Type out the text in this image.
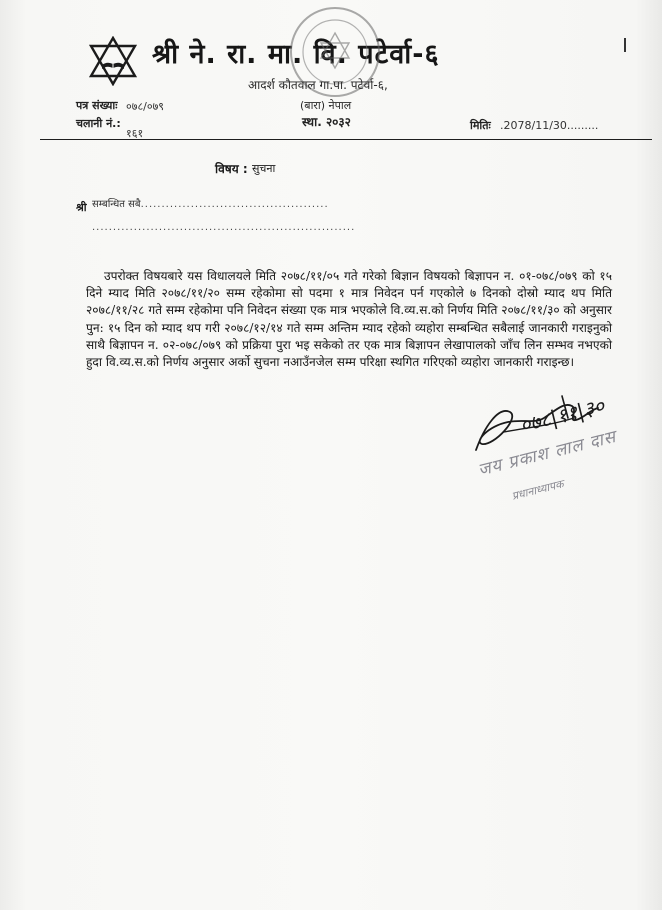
श्री ने. रा. मा. वि. पटेर्वा-६
आदर्श कौतवाल गा.पा. पटेर्वा-६,
(बारा) नेपाल
स्था. २०३२
पत्र संख्याः ०७८/०७९
चलानी नं.:
१६१
मितिः .2078/11/30.........
विषय : सुचना
श्री सम्बन्धित सबै.............................................
...............................................................
उपरोक्त विषयबारे यस विधालयले मिति २०७८/११/०५ गते गरेको बिज्ञान विषयको बिज्ञापन न. ०१-०७८/०७९ को १५ दिने म्याद मिति २०७८/११/२० सम्म रहेकोमा सो पदमा १ मात्र निवेदन पर्न गएकोले ७ दिनको दोस्रो म्याद थप मिति २०७८/११/२८ गते सम्म रहेकोमा पनि निवेदन संख्या एक मात्र भएकोले वि.व्य.स.को निर्णय मिति २०७८/११/३० को अनुसार पुन: १५ दिन को म्याद थप गरी २०७८/१२/१४ गते सम्म अन्तिम म्याद रहेको व्यहोरा सम्बन्धित सबैलाई जानकारी गराइनुको साथै बिज्ञापन न. ०२-०७८/०७९ को प्रक्रिया पुरा भइ सकेको तर एक मात्र बिज्ञापन लेखापालको जाँच लिन सम्भव नभएको हुदा वि.व्य.स.को निर्णय अनुसार अर्को सुचना नआउँनजेल सम्म परिक्षा स्थगित गरिएको व्यहोरा जानकारी गराइन्छ।
०७८|११|३०
जय प्रकाश लाल दास
प्रधानाध्यापक
